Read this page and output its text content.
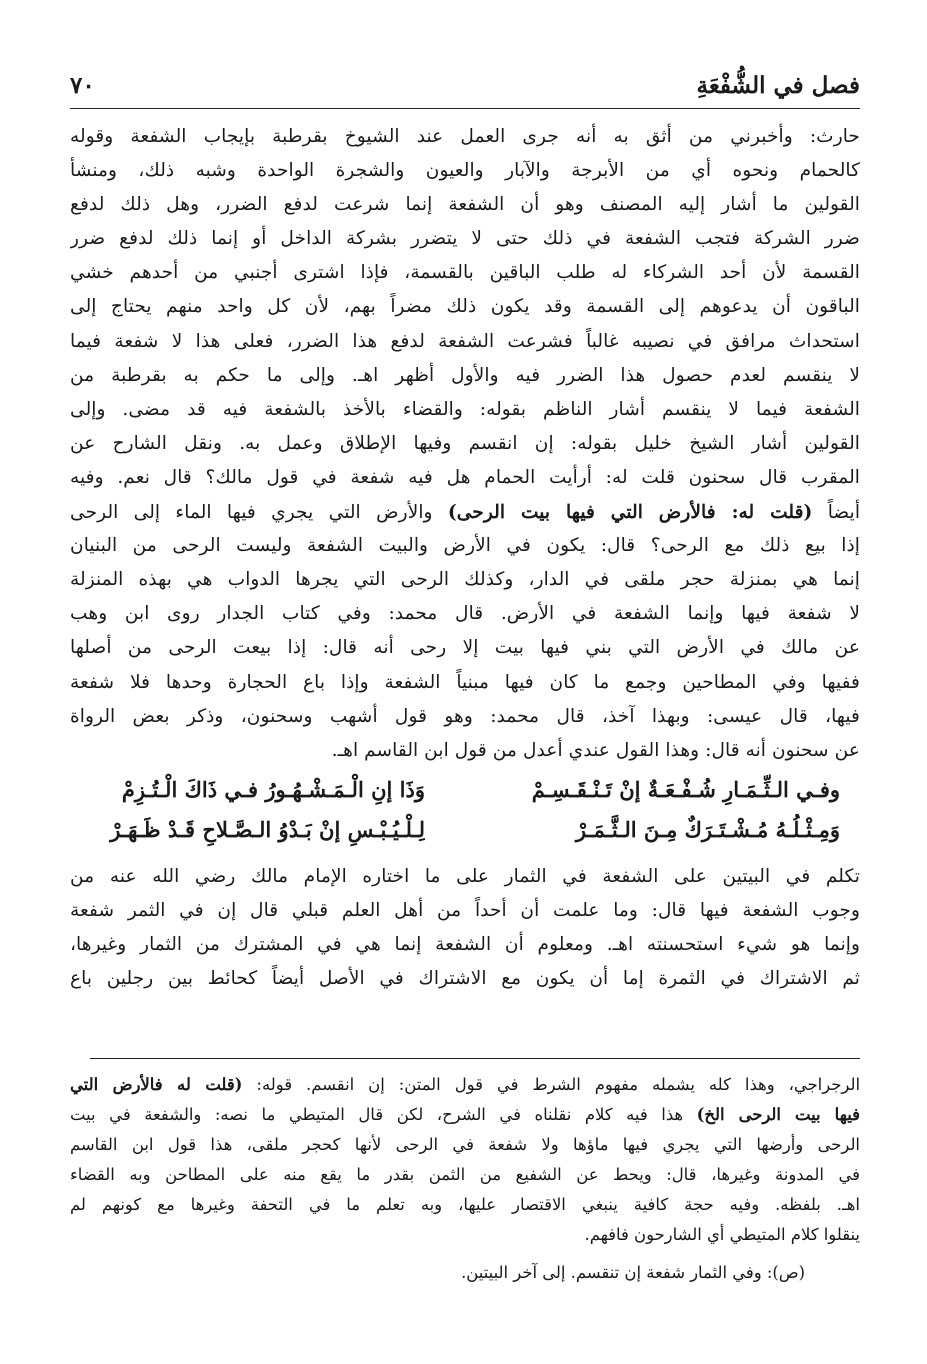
فصل في الشُّفْعَةِ
٧٠
حارث: وأخبرني من أثق به أنه جرى العمل عند الشيوخ بقرطبة بإيجاب الشفعة وقوله
كالحمام ونحوه أي من الأبرجة والآبار والعيون والشجرة الواحدة وشبه ذلك، ومنشأ
القولين ما أشار إليه المصنف وهو أن الشفعة إنما شرعت لدفع الضرر، وهل ذلك لدفع
ضرر الشركة فتجب الشفعة في ذلك حتى لا يتضرر بشركة الداخل أو إنما ذلك لدفع ضرر
القسمة لأن أحد الشركاء له طلب الباقين بالقسمة، فإذا اشترى أجنبي من أحدهم خشي
الباقون أن يدعوهم إلى القسمة وقد يكون ذلك مضراً بهم، لأن كل واحد منهم يحتاج إلى
استحداث مرافق في نصيبه غالباً فشرعت الشفعة لدفع هذا الضرر، فعلى هذا لا شفعة فيما
لا ينقسم لعدم حصول هذا الضرر فيه والأول أظهر اهـ. وإلى ما حكم به بقرطبة من
الشفعة فيما لا ينقسم أشار الناظم بقوله: والقضاء بالأخذ بالشفعة فيه قد مضى. وإلى
القولين أشار الشيخ خليل بقوله: إن انقسم وفيها الإطلاق وعمل به. ونقل الشارح عن
المقرب قال سحنون قلت له: أرأيت الحمام هل فيه شفعة في قول مالك؟ قال نعم. وفيه
أيضاً (قلت له: فالأرض التي فيها بيت الرحى) والأرض التي يجري فيها الماء إلى الرحى
إذا بيع ذلك مع الرحى؟ قال: يكون في الأرض والبيت الشفعة وليست الرحى من البنيان
إنما هي بمنزلة حجر ملقى في الدار، وكذلك الرحى التي يجرها الدواب هي بهذه المنزلة
لا شفعة فيها وإنما الشفعة في الأرض. قال محمد: وفي كتاب الجدار روى ابن وهب
عن مالك في الأرض التي بني فيها بيت إلا رحى أنه قال: إذا بيعت الرحى من أصلها
ففيها وفي المطاحين وجمع ما كان فيها مبنياً الشفعة وإذا باع الحجارة وحدها فلا شفعة
فيها، قال عيسى: وبهذا آخذ، قال محمد: وهو قول أشهب وسحنون، وذكر بعض الرواة
عن سحنون أنه قال: وهذا القول عندي أعدل من قول ابن القاسم اهـ.
وفـي الـثِّـمَـارِ شُـفْـعَـةٌ إنْ تَـنْـقَـسِـمْ
وَذَا إنِ الْـمَـشْـهُـورُ فـي ذَاكَ الْـتُـزِمْ
وَمِـثْـلُـهُ مُـشْـتَـرَكٌ مِـنَ الـثَّـمَـرْ
لِـلْـيُـبْـسِ إنْ بَـدْوُ الـصَّـلاحِ قَـدْ ظَـهَـرْ
تكلم في البيتين على الشفعة في الثمار على ما اختاره الإمام مالك رضي الله عنه من
وجوب الشفعة فيها قال: وما علمت أن أحداً من أهل العلم قبلي قال إن في الثمر شفعة
وإنما هو شيء استحسنته اهـ. ومعلوم أن الشفعة إنما هي في المشترك من الثمار وغيرها،
ثم الاشتراك في الثمرة إما أن يكون مع الاشتراك في الأصل أيضاً كحائط بين رجلين باع
الرجراجي، وهذا كله يشمله مفهوم الشرط في قول المتن: إن انقسم. قوله: (قلت له فالأرض التي
فيها بيت الرحى الخ) هذا فيه كلام نقلناه في الشرح، لكن قال المتيطي ما نصه: والشفعة في بيت
الرحى وأرضها التي يجري فيها ماؤها ولا شفعة في الرحى لأنها كحجر ملقى، هذا قول ابن القاسم
في المدونة وغيرها، قال: ويحط عن الشفيع من الثمن بقدر ما يقع منه على المطاحن وبه القضاء
اهـ. بلفظه. وفيه حجة كافية ينبغي الاقتصار عليها، وبه تعلم ما في التحفة وغيرها مع كونهم لم
ينقلوا كلام المتيطي أي الشارحون فافهم.
(ص): وفي الثمار شفعة إن تنقسم. إلى آخر البيتين.
